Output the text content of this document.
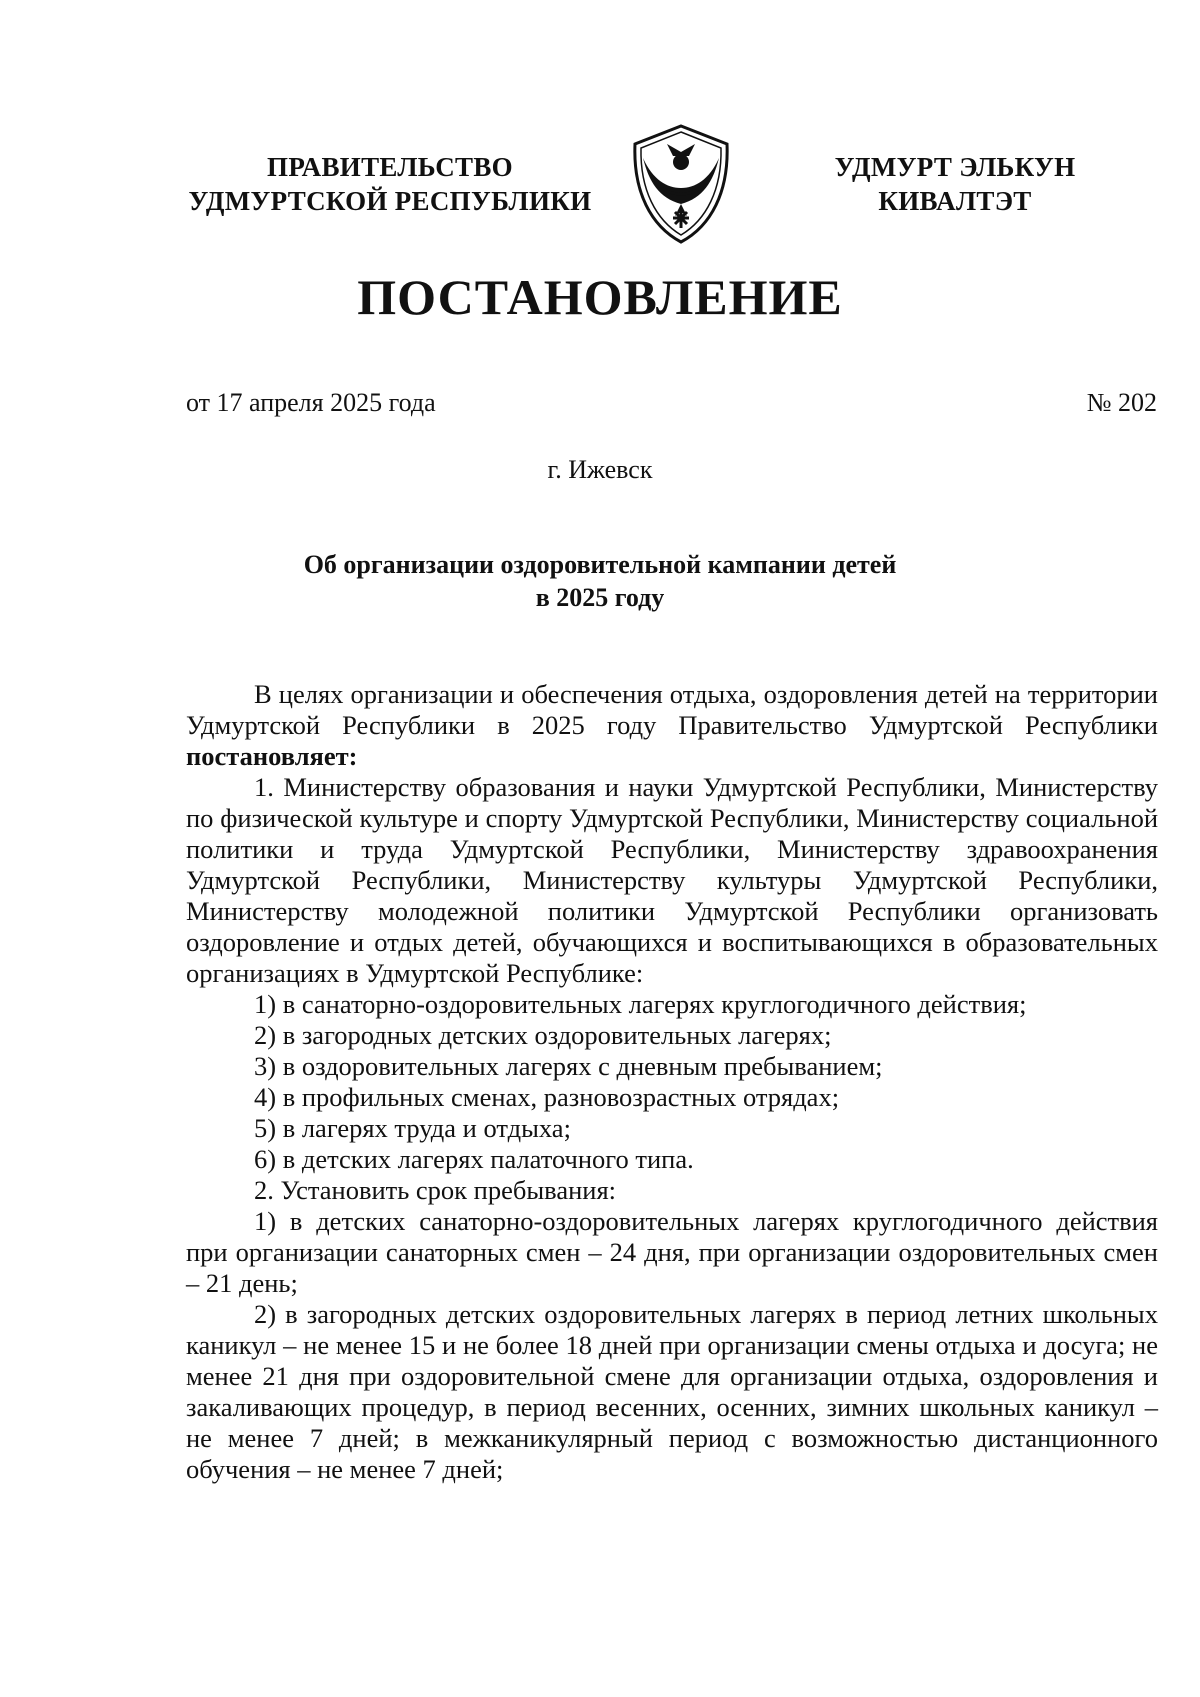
ПРАВИТЕЛЬСТВО
УДМУРТСКОЙ РЕСПУБЛИКИ
УДМУРТ ЭЛЬКУН
КИВАЛТЭТ
ПОСТАНОВЛЕНИЕ
от 17 апреля 2025 года	№ 202
г. Ижевск
Об организации оздоровительной кампании детей
в 2025 году

В целях организации и обеспечения отдыха, оздоровления детей на территории Удмуртской Республики в 2025 году Правительство Удмуртской Республики постановляет:

1. Министерству образования и науки Удмуртской Республики, Министерству по физической культуре и спорту Удмуртской Республики, Министерству социальной политики и труда Удмуртской Республики, Министерству здравоохранения Удмуртской Республики, Министерству культуры Удмуртской Республики, Министерству молодежной политики Удмуртской Республики организовать оздоровление и отдых детей, обучающихся и воспитывающихся в образовательных организациях в Удмуртской Республике:

1) в санаторно-оздоровительных лагерях круглогодичного действия;

2) в загородных детских оздоровительных лагерях;

3) в оздоровительных лагерях с дневным пребыванием;

4) в профильных сменах, разновозрастных отрядах;

5) в лагерях труда и отдыха;

6) в детских лагерях палаточного типа.

2. Установить срок пребывания:

1) в детских санаторно-оздоровительных лагерях круглогодичного действия при организации санаторных смен – 24 дня, при организации оздоровительных смен – 21 день;

2) в загородных детских оздоровительных лагерях в период летних школьных каникул – не менее 15 и не более 18 дней при организации смены отдыха и досуга; не менее 21 дня при оздоровительной смене для организации отдыха, оздоровления и закаливающих процедур, в период весенних, осенних, зимних школьных каникул – не менее 7 дней; в межканикулярный период с возможностью дистанционного обучения – не менее 7 дней;
